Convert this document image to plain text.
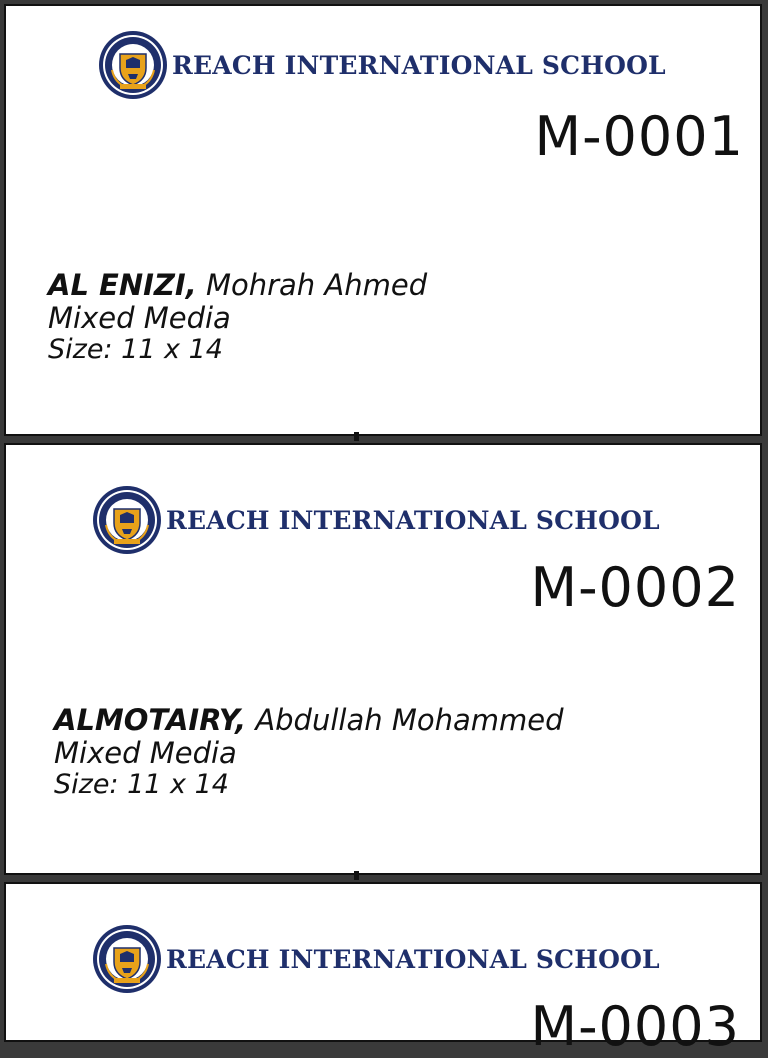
REACH INTERNATIONAL SCHOOL
M-0001
AL ENIZI, Mohrah Ahmed
Mixed Media
Size: 11 x 14
REACH INTERNATIONAL SCHOOL
M-0002
ALMOTAIRY, Abdullah Mohammed
Mixed Media
Size: 11 x 14
REACH INTERNATIONAL SCHOOL
M-0003
